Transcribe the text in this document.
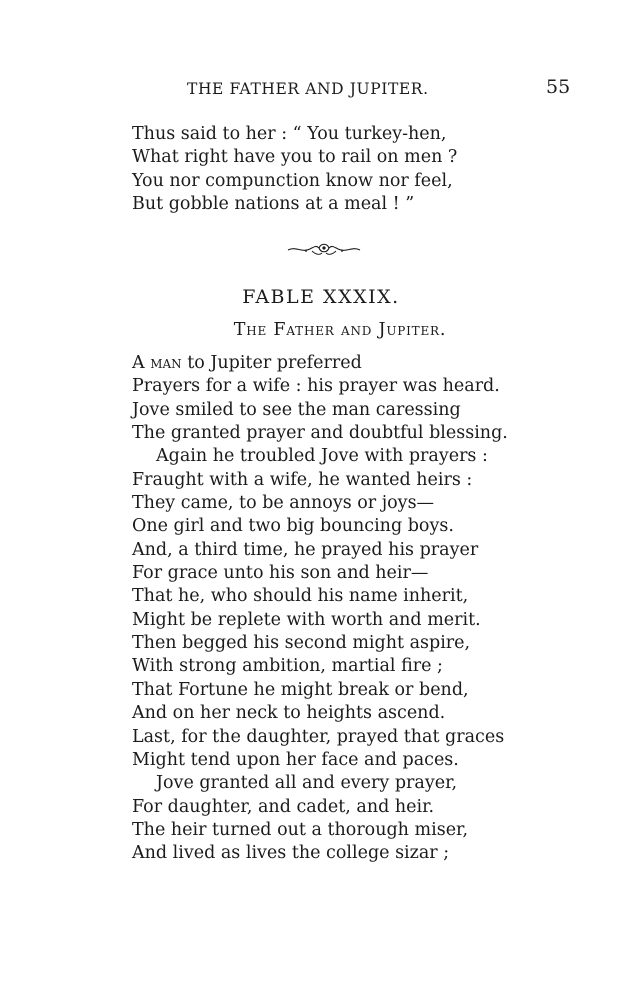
THE FATHER AND JUPITER.	55
Thus said to her : “ You turkey-hen,
What right have you to rail on men ?
You nor compunction know nor feel,
But gobble nations at a meal ! ”
FABLE XXXIX.
The Father and Jupiter.
A man to Jupiter preferred
Prayers for a wife : his prayer was heard.
Jove smiled to see the man caressing
The granted prayer and doubtful blessing.
Again he troubled Jove with prayers :
Fraught with a wife, he wanted heirs :
They came, to be annoys or joys—
One girl and two big bouncing boys.
And, a third time, he prayed his prayer
For grace unto his son and heir—
That he, who should his name inherit,
Might be replete with worth and merit.
Then begged his second might aspire,
With strong ambition, martial fire ;
That Fortune he might break or bend,
And on her neck to heights ascend.
Last, for the daughter, prayed that graces
Might tend upon her face and paces.
Jove granted all and every prayer,
For daughter, and cadet, and heir.
The heir turned out a thorough miser,
And lived as lives the college sizar ;
